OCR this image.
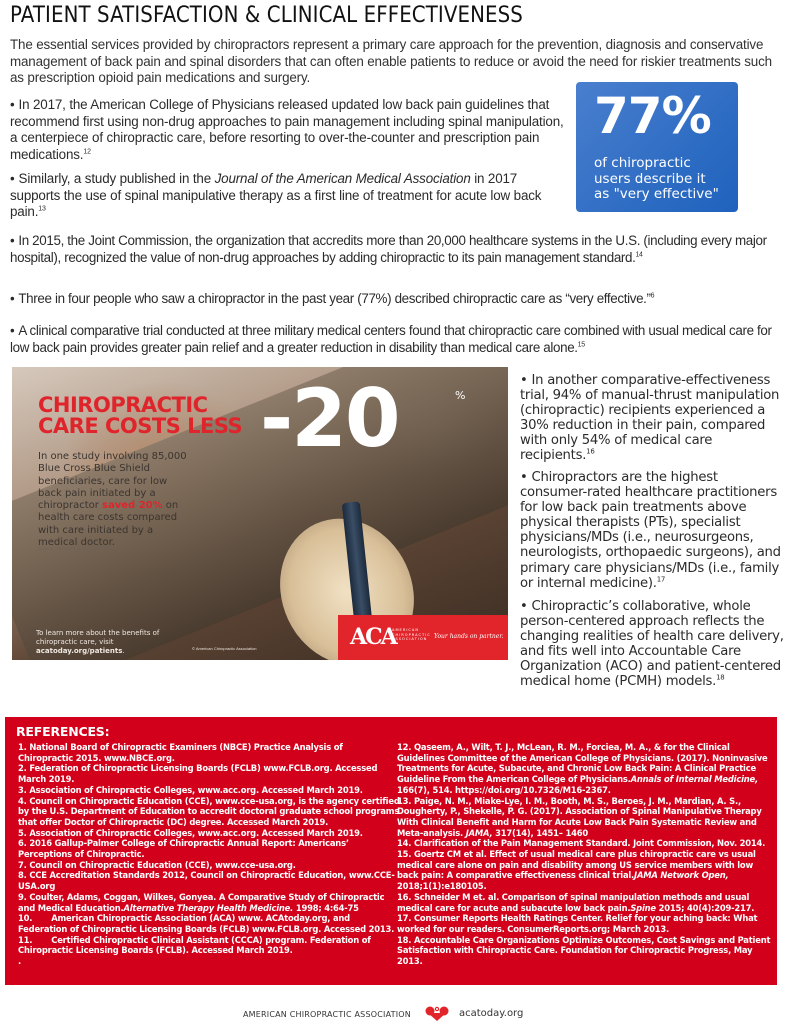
PATIENT SATISFACTION & CLINICAL EFFECTIVENESS

The essential services provided by chiropractors represent a primary care approach for the prevention, diagnosis and conservative management of back pain and spinal disorders that can often enable patients to reduce or avoid the need for riskier treatments such as prescription opioid pain medications and surgery.

• In 2017, the American College of Physicians released updated low back pain guidelines that recommend first using non-drug approaches to pain management including spinal manipulation, a centerpiece of chiropractic care, before resorting to over-the-counter and prescription pain medications.$^{12}$

• Similarly, a study published in the Journal of the American Medical Association in 2017 supports the use of spinal manipulative therapy as a first line of treatment for acute low back pain.$^{13}$

77%
of chiropractic users describe it as "very effective"

• In 2015, the Joint Commission, the organization that accredits more than 20,000 healthcare systems in the U.S. (including every major hospital), recognized the value of non-drug approaches by adding chiropractic to its pain management standard.$^{14}$

• Three in four people who saw a chiropractor in the past year (77%) described chiropractic care as “very effective.”$^6$

• A clinical comparative trial conducted at three military medical centers found that chiropractic care combined with usual medical care for low back pain provides greater pain relief and a greater reduction in disability than medical care alone.$^{15}$

CHIROPRACTIC
CARE COSTS LESS
In one study involving 85,000 Blue Cross Blue Shield beneficiaries, care for low back pain initiated by a chiropractor saved 20% on health care costs compared with care initiated by a medical doctor.
Source: Liliedahl et al (2010) JMPT
-20	%
To learn more about the benefits of chiropractic care, visit acatoday.org/patients.	© American Chiropractic Association	ACA
AMERICAN
CHIROPRACTIC
ASSOCIATION	Your hands on partner.

• In another comparative-effectiveness trial, 94% of manual-thrust manipulation (chiropractic) recipients experienced a 30% reduction in their pain, compared with only 54% of medical care recipients.$^{16}$

• Chiropractors are the highest consumer-rated healthcare practitioners for low back pain treatments above physical therapists (PTs), specialist physicians/MDs (i.e., neurosurgeons, neurologists, orthopaedic surgeons), and primary care physicians/MDs (i.e., family or internal medicine).$^{17}$

• Chiropractic’s collaborative, whole person-centered approach reflects the changing realities of health care delivery, and fits well into Accountable Care Organization (ACO) and patient-centered medical home (PCMH) models.$^{18}$

REFERENCES:
1. National Board of Chiropractic Examiners (NBCE) Practice Analysis of Chiropractic 2015. www.NBCE.org.
2. Federation of Chiropractic Licensing Boards (FCLB) www.FCLB.org. Accessed March 2019.
3. Association of Chiropractic Colleges, www.acc.org. Accessed March 2019.
4. Council on Chiropractic Education (CCE), www.cce-usa.org, is the agency certified by the U.S. Department of Education to accredit doctoral graduate school programs that offer Doctor of Chiropractic (DC) degree. Accessed March 2019.
5. Association of Chiropractic Colleges, www.acc.org. Accessed March 2019.
6. 2016 Gallup-Palmer College of Chiropractic Annual Report: Americans’ Perceptions of Chiropractic.
7. Council on Chiropractic Education (CCE), www.cce-usa.org.
8. CCE Accreditation Standards 2012, Council on Chiropractic Education, www.CCE-USA.org
9. Coulter, Adams, Coggan, Wilkes, Gonyea. A Comparative Study of Chiropractic and Medical Education.Alternative Therapy Health Medicine. 1998; 4:64-75
10.       American Chiropractic Association (ACA) www. ACAtoday.org, and Federation of Chiropractic Licensing Boards (FCLB) www.FCLB.org. Accessed 2013.
11.       Certified Chiropractic Clinical Assistant (CCCA) program. Federation of Chiropractic Licensing Boards (FCLB). Accessed March 2019.
.
12. Qaseem, A., Wilt, T. J., McLean, R. M., Forciea, M. A., & for the Clinical Guidelines Committee of the American College of Physicians. (2017). Noninvasive Treatments for Acute, Subacute, and Chronic Low Back Pain: A Clinical Practice Guideline From the American College of Physicians.Annals of Internal Medicine, 166(7), 514. https://doi.org/10.7326/M16-2367.
13. Paige, N. M., Miake-Lye, I. M., Booth, M. S., Beroes, J. M., Mardian, A. S., Dougherty, P., Shekelle, P. G. (2017). Association of Spinal Manipulative Therapy With Clinical Benefit and Harm for Acute Low Back Pain Systematic Review and Meta-analysis. JAMA, 317(14), 1451– 1460
14. Clarification of the Pain Management Standard. Joint Commission, Nov. 2014.
15. Goertz CM et al. Effect of usual medical care plus chiropractic care vs usual medical care alone on pain and disability among US service members with low back pain: A comparative effectiveness clinical trial.JAMA Network Open, 2018;1(1):e180105.
16. Schneider M et. al. Comparison of spinal manipulation methods and usual medical care for acute and subacute low back pain.Spine 2015; 40(4):209-217.
17. Consumer Reports Health Ratings Center. Relief for your aching back: What worked for our readers. ConsumerReports.org; March 2013.
18. Accountable Care Organizations Optimize Outcomes, Cost Savings and Patient Satisfaction with Chiropractic Care. Foundation for Chiropractic Progress, May 2013.
AMERICAN CHIROPRACTIC ASSOCIATION	acatoday.org
